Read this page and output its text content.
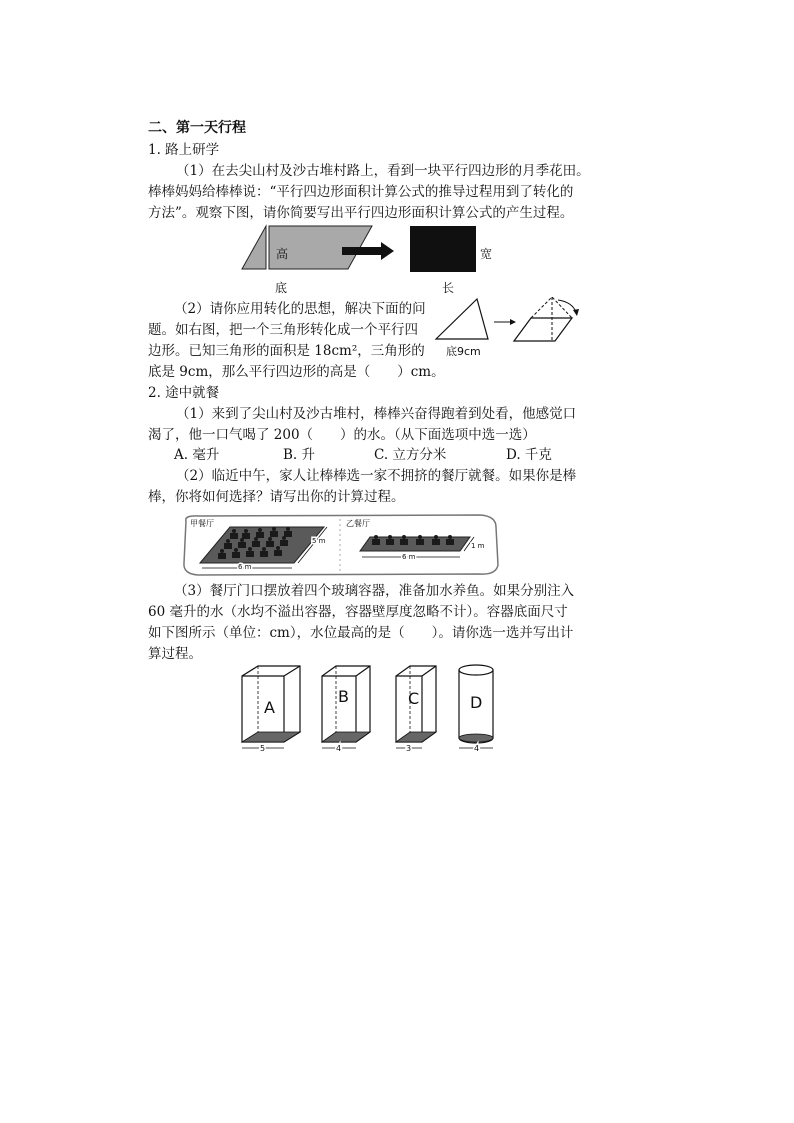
二、第一天行程
1. 路上研学
（1）在去尖山村及沙古堆村路上，看到一块平行四边形的月季花田。
棒棒妈妈给棒棒说：“平行四边形面积计算公式的推导过程用到了转化的
方法”。观察下图，请你简要写出平行四边形面积计算公式的产生过程。
高	宽
底	长
（2）请你应用转化的思想，解决下面的问
题。如右图，把一个三角形转化成一个平行四
边形。已知三角形的面积是 18cm²，三角形的
底是 9cm，那么平行四边形的高是（　　）cm。
底9cm
2. 途中就餐
（1）来到了尖山村及沙古堆村，棒棒兴奋得跑着到处看，他感觉口
渴了，他一口气喝了 200（　　）的水。（从下面选项中选一选）
A. 毫升	B. 升	C. 立方分米	D. 千克
（2）临近中午，家人让棒棒选一家不拥挤的餐厅就餐。如果你是棒
棒，你将如何选择？请写出你的计算过程。
甲餐厅
6 m
5 m
乙餐厅
6 m
1 m
（3）餐厅门口摆放着四个玻璃容器，准备加水养鱼。如果分别注入
60 毫升的水（水均不溢出容器，容器壁厚度忽略不计）。容器底面尺寸
如下图所示（单位：cm），水位最高的是（　　）。请你选一选并写出计
算过程。
A
5
B
4
C
3
D
4
